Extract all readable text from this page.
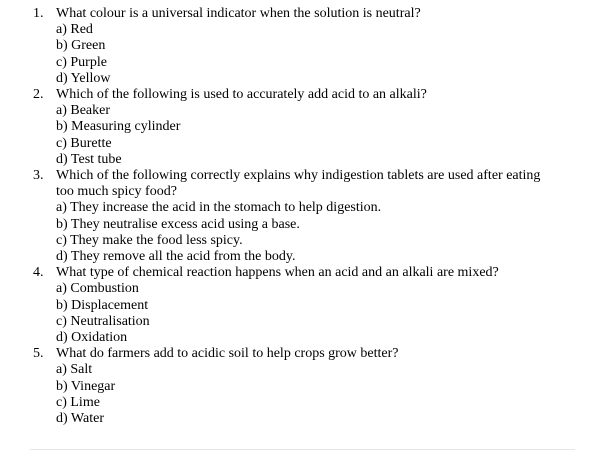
1. What colour is a universal indicator when the solution is neutral?
a) Red
b) Green
c) Purple
d) Yellow
2. Which of the following is used to accurately add acid to an alkali?
a) Beaker
b) Measuring cylinder
c) Burette
d) Test tube
3. Which of the following correctly explains why indigestion tablets are used after eating too much spicy food?
a) They increase the acid in the stomach to help digestion.
b) They neutralise excess acid using a base.
c) They make the food less spicy.
d) They remove all the acid from the body.
4. What type of chemical reaction happens when an acid and an alkali are mixed?
a) Combustion
b) Displacement
c) Neutralisation
d) Oxidation
5. What do farmers add to acidic soil to help crops grow better?
a) Salt
b) Vinegar
c) Lime
d) Water
